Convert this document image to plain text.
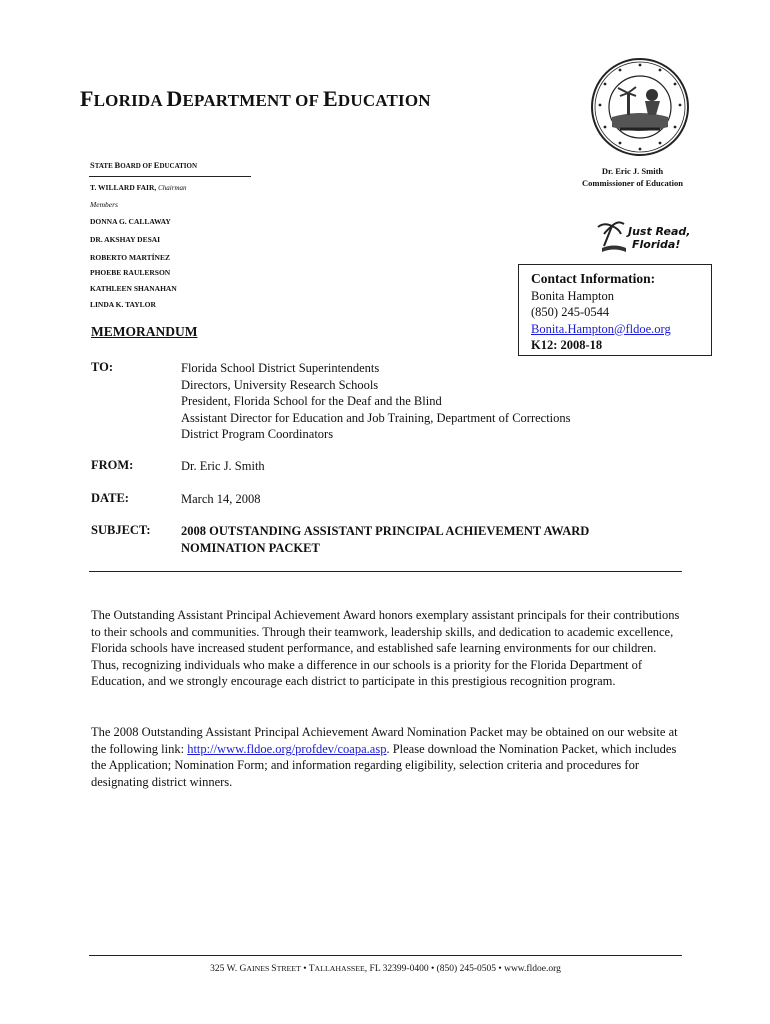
FLORIDA DEPARTMENT OF EDUCATION
STATE BOARD OF EDUCATION
T. WILLARD FAIR, Chairman
Members
DONNA G. CALLAWAY
DR. AKSHAY DESAI
ROBERTO MARTÍNEZ
PHOEBE RAULERSON
KATHLEEN SHANAHAN
LINDA K. TAYLOR
Dr. Eric J. Smith
Commissioner of Education
Just Read,
Florida!
Contact Information:
Bonita Hampton
(850) 245-0544
Bonita.Hampton@fldoe.org
K12: 2008-18
MEMORANDUM
TO:	Florida School District Superintendents
Directors, University Research Schools
President, Florida School for the Deaf and the Blind
Assistant Director for Education and Job Training, Department of Corrections
District Program Coordinators
FROM:	Dr. Eric J. Smith
DATE:	March 14, 2008
SUBJECT: 2008 OUTSTANDING ASSISTANT PRINCIPAL ACHIEVEMENT AWARD
NOMINATION PACKET
The Outstanding Assistant Principal Achievement Award honors exemplary assistant principals for their contributions to their schools and communities. Through their teamwork, leadership skills, and dedication to academic excellence, Florida schools have increased student performance, and established safe learning environments for our children. Thus, recognizing individuals who make a difference in our schools is a priority for the Florida Department of Education, and we strongly encourage each district to participate in this prestigious recognition program.
The 2008 Outstanding Assistant Principal Achievement Award Nomination Packet may be obtained on our website at the following link: http://www.fldoe.org/profdev/coapa.asp. Please download the Nomination Packet, which includes the Application; Nomination Form; and information regarding eligibility, selection criteria and procedures for designating district winners.
325 W. GAINES STREET • TALLAHASSEE, FL 32399-0400 • (850) 245-0505 • www.fldoe.org
